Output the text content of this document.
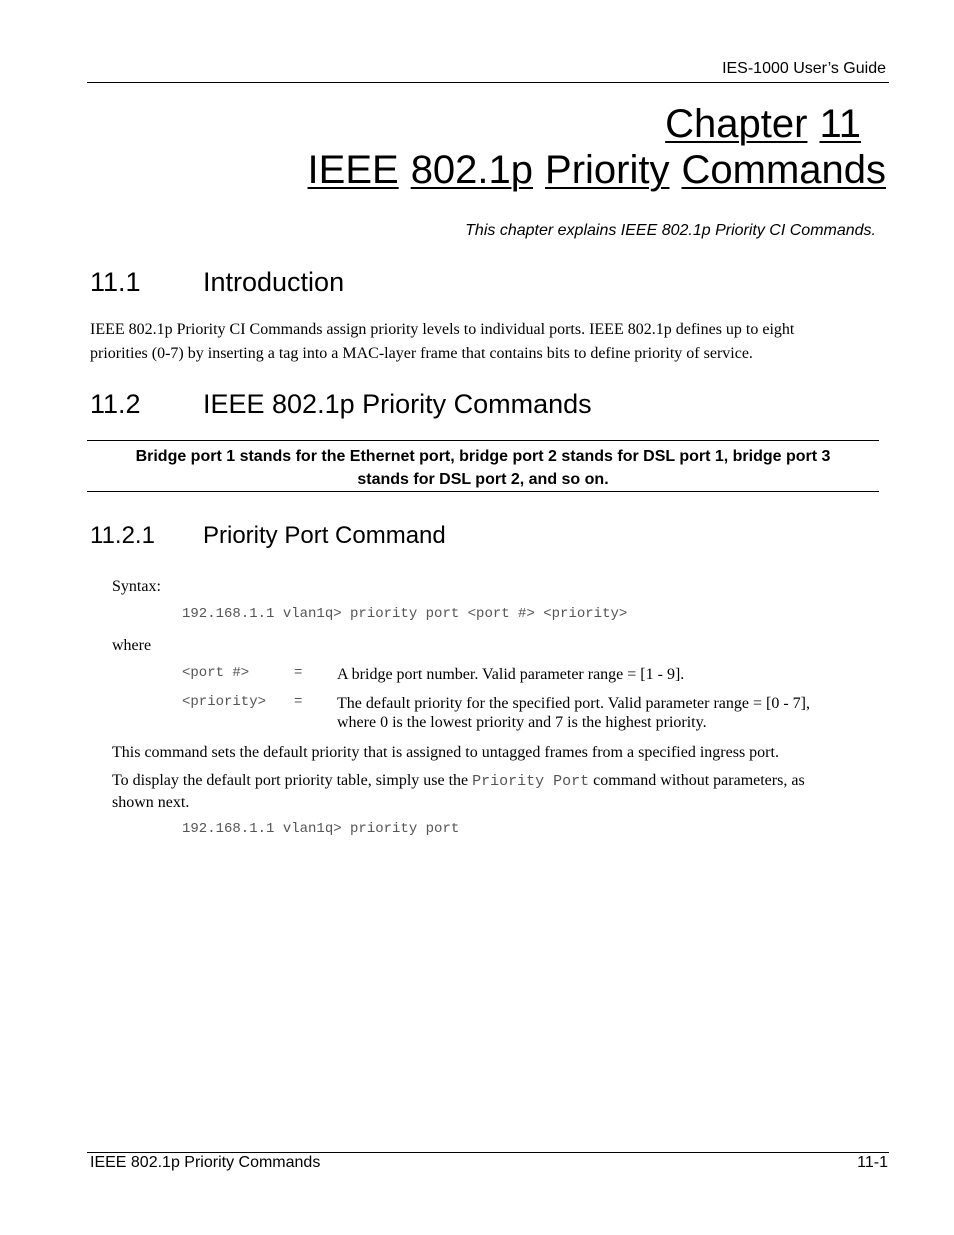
IES-1000 User’s Guide
Chapter 11
IEEE 802.1p Priority Commands
This chapter explains IEEE 802.1p Priority CI Commands.
11.1 Introduction
IEEE 802.1p Priority CI Commands assign priority levels to individual ports. IEEE 802.1p defines up to eight
priorities (0-7) by inserting a tag into a MAC-layer frame that contains bits to define priority of service.
11.2 IEEE 802.1p Priority Commands
Bridge port 1 stands for the Ethernet port, bridge port 2 stands for DSL port 1, bridge port 3
stands for DSL port 2, and so on.
11.2.1 Priority Port Command
Syntax:
192.168.1.1 vlan1q> priority port <port #> <priority>
where
<port #>	= A bridge port number. Valid parameter range = [1 - 9].
<priority> = The default priority for the specified port. Valid parameter range = [0 - 7],
where 0 is the lowest priority and 7 is the highest priority.
This command sets the default priority that is assigned to untagged frames from a specified ingress port.
To display the default port priority table, simply use the Priority Port command without parameters, as
shown next.
192.168.1.1 vlan1q> priority port
IEEE 802.1p Priority Commands	11-1
